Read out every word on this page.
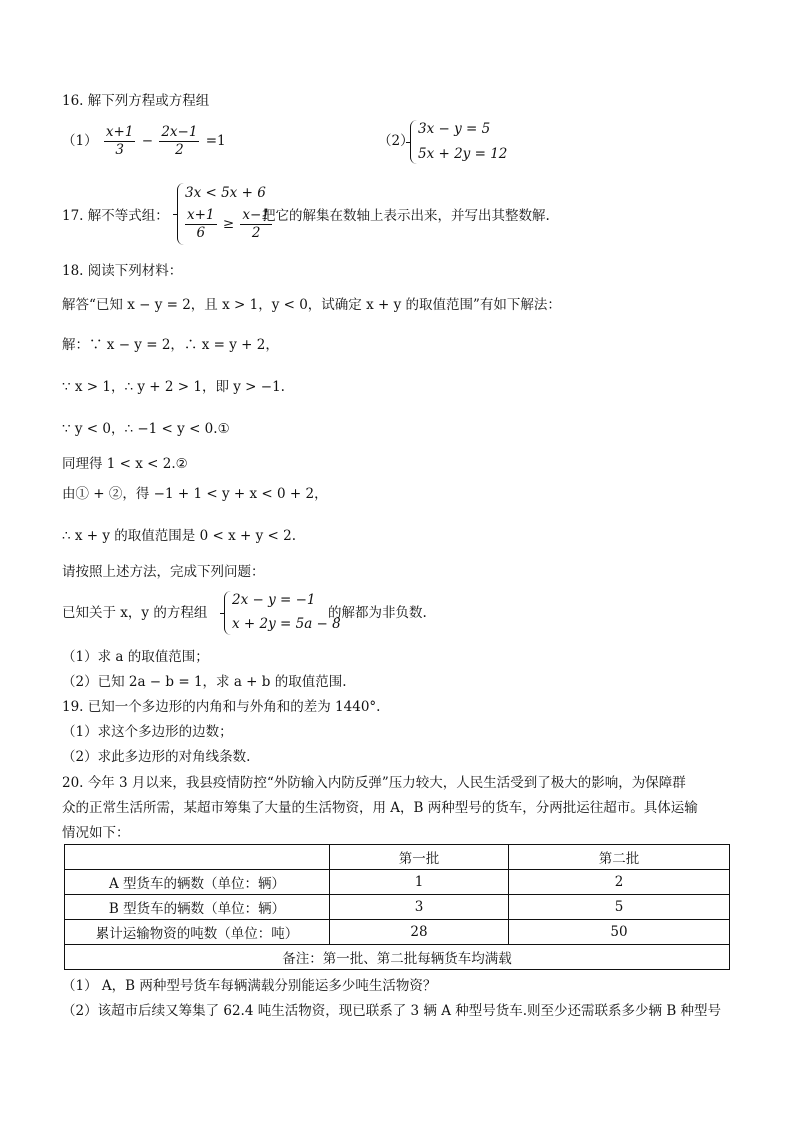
16. 解下列方程或方程组
$(1) \frac{x+1}{3} - \frac{2x-1}{2} =1$	（2）
3x − y = 5
5x + 2y = 12
17. 解不等式组：
3x < 5x + 6
$\frac{x+1}{6} \ge \frac{x-1}{2}$
把它的解集在数轴上表示出来，并写出其整数解.
18. 阅读下列材料：
解答“已知 x − y = 2，且 x > 1，y < 0，试确定 x + y 的取值范围”有如下解法：
解：∵ x − y = 2，∴ x = y + 2，
∵ x > 1，∴ y + 2 > 1，即 y > −1.
∵ y < 0，∴ −1 < y < 0.①
同理得 1 < x < 2.②
由① + ②，得 −1 + 1 < y + x < 0 + 2，
∴ x + y 的取值范围是 0 < x + y < 2.
请按照上述方法，完成下列问题：
已知关于 x，y 的方程组
2x − y = −1
x + 2y = 5a − 8
的解都为非负数.
（1）求 a 的取值范围；
（2）已知 2a − b = 1，求 a + b 的取值范围.
19. 已知一个多边形的内角和与外角和的差为 1440°.
（1）求这个多边形的边数；
（2）求此多边形的对角线条数.
20. 今年 3 月以来，我县疫情防控“外防输入内防反弹”压力较大，人民生活受到了极大的影响，为保障群
众的正常生活所需，某超市筹集了大量的生活物资，用 A，B 两种型号的货车，分两批运往超市。具体运输
情况如下：
	第一批	第二批
A 型货车的辆数（单位：辆）	1	2
B 型货车的辆数（单位：辆）	3	5
累计运输物资的吨数（单位：吨）	28	50
备注：第一批、第二批每辆货车均满载		
（1） A，B 两种型号货车每辆满载分别能运多少吨生活物资？
（2）该超市后续又筹集了 62.4 吨生活物资，现已联系了 3 辆 A 种型号货车.则至少还需联系多少辆 B 种型号
